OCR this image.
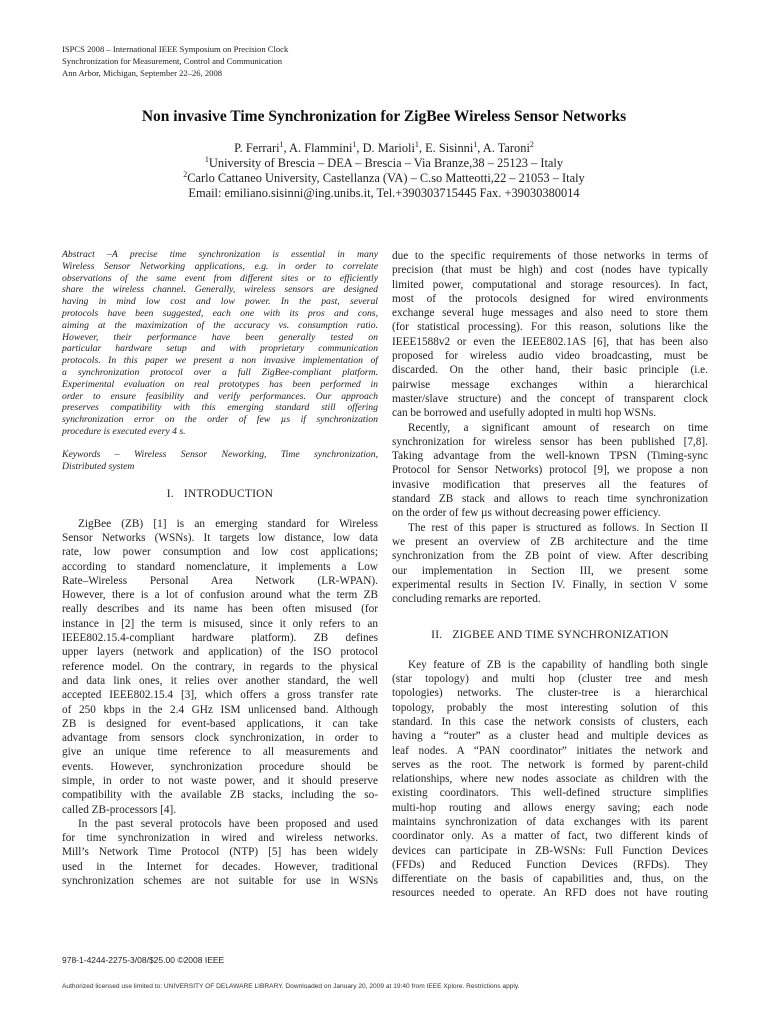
ISPCS 2008 – International IEEE Symposium on Precision Clock
Synchronization for Measurement, Control and Communication
Ann Arbor, Michigan, September 22–26, 2008
Non invasive Time Synchronization for ZigBee Wireless Sensor Networks
P. Ferrari$^1$, A. Flammini$^1$, D. Marioli$^1$, E. Sisinni$^1$, A. Taroni$^2$
$^1$University of Brescia – DEA – Brescia – Via Branze,38 – 25123 – Italy
$^2$Carlo Cattaneo University, Castellanza (VA) – C.so Matteotti,22 – 21053 – Italy
Email: emiliano.sisinni@ing.unibs.it, Tel.+390303715445 Fax. +39030380014

Abstract –A precise time synchronization is essential in many

Wireless Sensor Networking applications, e.g. in order to correlate

observations of the same event from different sites or to efficiently

share the wireless channel. Generally, wireless sensors are designed

having in mind low cost and low power. In the past, several

protocols have been suggested, each one with its pros and cons,

aiming at the maximization of the accuracy vs. consumption ratio.

However, their performance have been generally tested on

particular hardware setup and with proprietary communication

protocols. In this paper we present a non invasive implementation of

a synchronization protocol over a full ZigBee-compliant platform.

Experimental evaluation on real prototypes has been performed in

order to ensure feasibility and verify performances. Our approach

preserves compatibility with this emerging standard still offering

synchronization error on the order of few µs if synchronization

procedure is executed every 4 s.

Keywords – Wireless Sensor Neworking, Time synchronization,

Distributed system

I. INTRODUCTION

ZigBee (ZB) [1] is an emerging standard for Wireless

Sensor Networks (WSNs). It targets low distance, low data

rate, low power consumption and low cost applications;

according to standard nomenclature, it implements a Low

Rate–Wireless Personal Area Network (LR-WPAN).

However, there is a lot of confusion around what the term ZB

really describes and its name has been often misused (for

instance in [2] the term is misused, since it only refers to an

IEEE802.15.4-compliant hardware platform). ZB defines

upper layers (network and application) of the ISO protocol

reference model. On the contrary, in regards to the physical

and data link ones, it relies over another standard, the well

accepted IEEE802.15.4 [3], which offers a gross transfer rate

of 250 kbps in the 2.4 GHz ISM unlicensed band. Although

ZB is designed for event-based applications, it can take

advantage from sensors clock synchronization, in order to

give an unique time reference to all measurements and

events. However, synchronization procedure should be

simple, in order to not waste power, and it should preserve

compatibility with the available ZB stacks, including the so-

called ZB-processors [4].

In the past several protocols have been proposed and used

for time synchronization in wired and wireless networks.

Mill’s Network Time Protocol (NTP) [5] has been widely

used in the Internet for decades. However, traditional

synchronization schemes are not suitable for use in WSNs

due to the specific requirements of those networks in terms of

precision (that must be high) and cost (nodes have typically

limited power, computational and storage resources). In fact,

most of the protocols designed for wired environments

exchange several huge messages and also need to store them

(for statistical processing). For this reason, solutions like the

IEEE1588v2 or even the IEEE802.1AS [6], that has been also

proposed for wireless audio video broadcasting, must be

discarded. On the other hand, their basic principle (i.e.

pairwise message exchanges within a hierarchical

master/slave structure) and the concept of transparent clock

can be borrowed and usefully adopted in multi hop WSNs.

Recently, a significant amount of research on time

synchronization for wireless sensor has been published [7,8].

Taking advantage from the well-known TPSN (Timing-sync

Protocol for Sensor Networks) protocol [9], we propose a non

invasive modification that preserves all the features of

standard ZB stack and allows to reach time synchronization

on the order of few µs without decreasing power efficiency.

The rest of this paper is structured as follows. In Section II

we present an overview of ZB architecture and the time

synchronization from the ZB point of view. After describing

our implementation in Section III, we present some

experimental results in Section IV. Finally, in section V some

concluding remarks are reported.

II. ZIGBEE AND TIME SYNCHRONIZATION

Key feature of ZB is the capability of handling both single

(star topology) and multi hop (cluster tree and mesh

topologies) networks. The cluster-tree is a hierarchical

topology, probably the most interesting solution of this

standard. In this case the network consists of clusters, each

having a “router” as a cluster head and multiple devices as

leaf nodes. A “PAN coordinator” initiates the network and

serves as the root. The network is formed by parent-child

relationships, where new nodes associate as children with the

existing coordinators. This well-defined structure simplifies

multi-hop routing and allows energy saving; each node

maintains synchronization of data exchanges with its parent

coordinator only. As a matter of fact, two different kinds of

devices can participate in ZB-WSNs: Full Function Devices

(FFDs) and Reduced Function Devices (RFDs). They

differentiate on the basis of capabilities and, thus, on the

resources needed to operate. An RFD does not have routing

978-1-4244-2275-3/08/$25.00 ©2008 IEEE
Authorized licensed use limited to: UNIVERSITY OF DELAWARE LIBRARY. Downloaded on January 20, 2009 at 19:40 from IEEE Xplore. Restrictions apply.
